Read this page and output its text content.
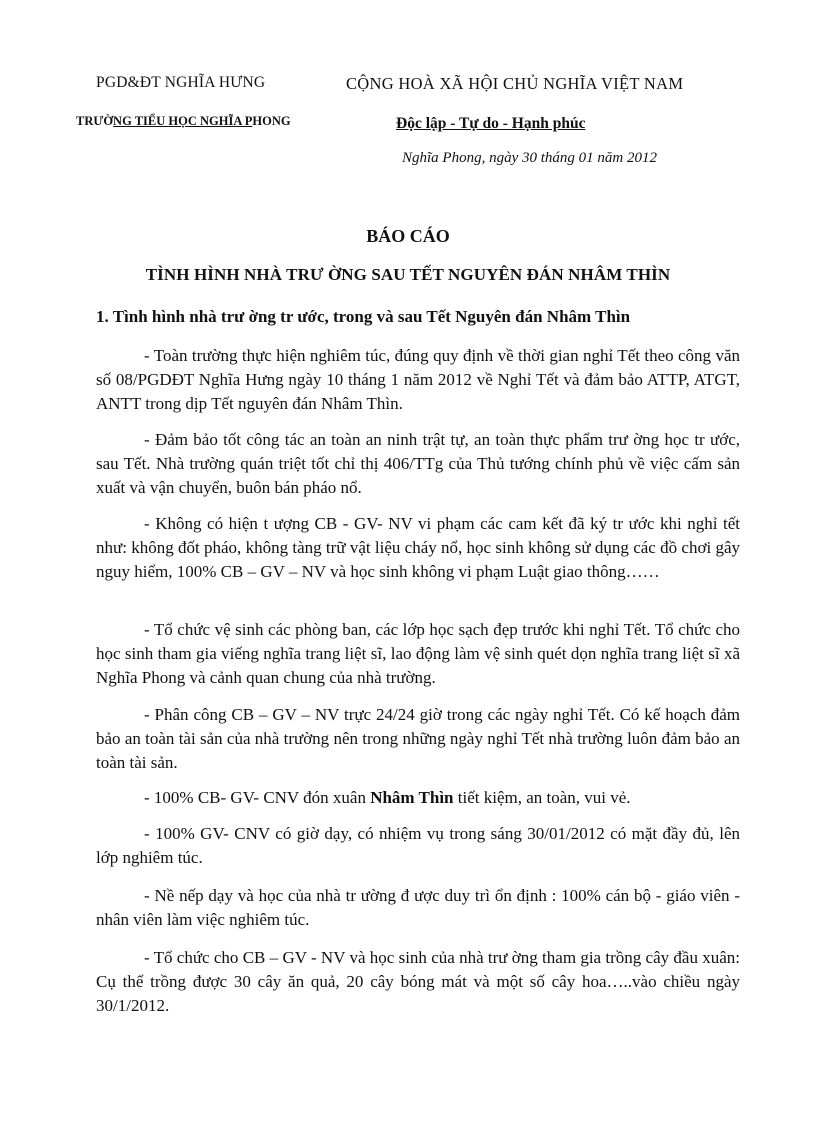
PGD&ĐT NGHĨA HƯNG
TRƯỜNG TIỂU HỌC NGHĨA PHONG
CỘNG HOÀ XÃ HỘI CHỦ NGHĨA VIỆT NAM
Độc lập - Tự do - Hạnh phúc
Nghĩa Phong, ngày 30 tháng 01 năm 2012
BÁO CÁO
TÌNH HÌNH NHÀ TRƯ ỜNG SAU TẾT NGUYÊN ĐÁN NHÂM THÌN
1. Tình hình nhà trư ờng tr ước, trong và sau Tết Nguyên đán Nhâm Thìn
- Toàn trường thực hiện nghiêm túc, đúng quy định về thời gian nghỉ Tết theo công văn số 08/PGDĐT Nghĩa Hưng ngày 10 tháng 1 năm 2012 về Nghỉ Tết và đảm bảo ATTP, ATGT, ANTT trong dịp Tết nguyên đán Nhâm Thìn.
- Đảm bảo tốt công tác an toàn an ninh trật tự, an toàn thực phẩm trư ờng học tr ước, sau Tết. Nhà trường quán triệt tốt chỉ thị 406/TTg của Thủ tướng chính phủ về việc cấm sản xuất và vận chuyển, buôn bán pháo nổ.
- Không có hiện t ượng CB - GV- NV vi phạm các cam kết đã ký tr ước khi nghỉ tết như: không đốt pháo, không tàng trữ vật liệu cháy nổ, học sinh không sử dụng các đồ chơi gây nguy hiểm, 100% CB – GV – NV và học sinh không vi phạm Luật giao thông……
- Tổ chức vệ sinh các phòng ban, các lớp học sạch đẹp trước khi nghỉ Tết. Tổ chức cho học sinh tham gia viếng nghĩa trang liệt sĩ, lao động làm vệ sinh quét dọn nghĩa trang liệt sĩ xã Nghĩa Phong và cảnh quan chung của nhà trường.
- Phân công CB – GV – NV trực 24/24 giờ trong các ngày nghỉ Tết. Có kế hoạch đảm bảo an toàn tài sản của nhà trường nên trong những ngày nghỉ Tết nhà trường luôn đảm bảo an toàn tài sản.
- 100% CB- GV- CNV đón xuân Nhâm Thìn tiết kiệm, an toàn, vui vẻ.
- 100% GV- CNV có giờ dạy, có nhiệm vụ trong sáng 30/01/2012 có mặt đầy đủ, lên lớp nghiêm túc.
- Nề nếp dạy và học của nhà tr ường đ ược duy trì ổn định : 100% cán bộ - giáo viên - nhân viên làm việc nghiêm túc.
- Tổ chức cho CB – GV - NV và học sinh của nhà trư ờng tham gia trồng cây đầu xuân: Cụ thể trồng được 30 cây ăn quả, 20 cây bóng mát và một số cây hoa…..vào chiều ngày 30/1/2012.
